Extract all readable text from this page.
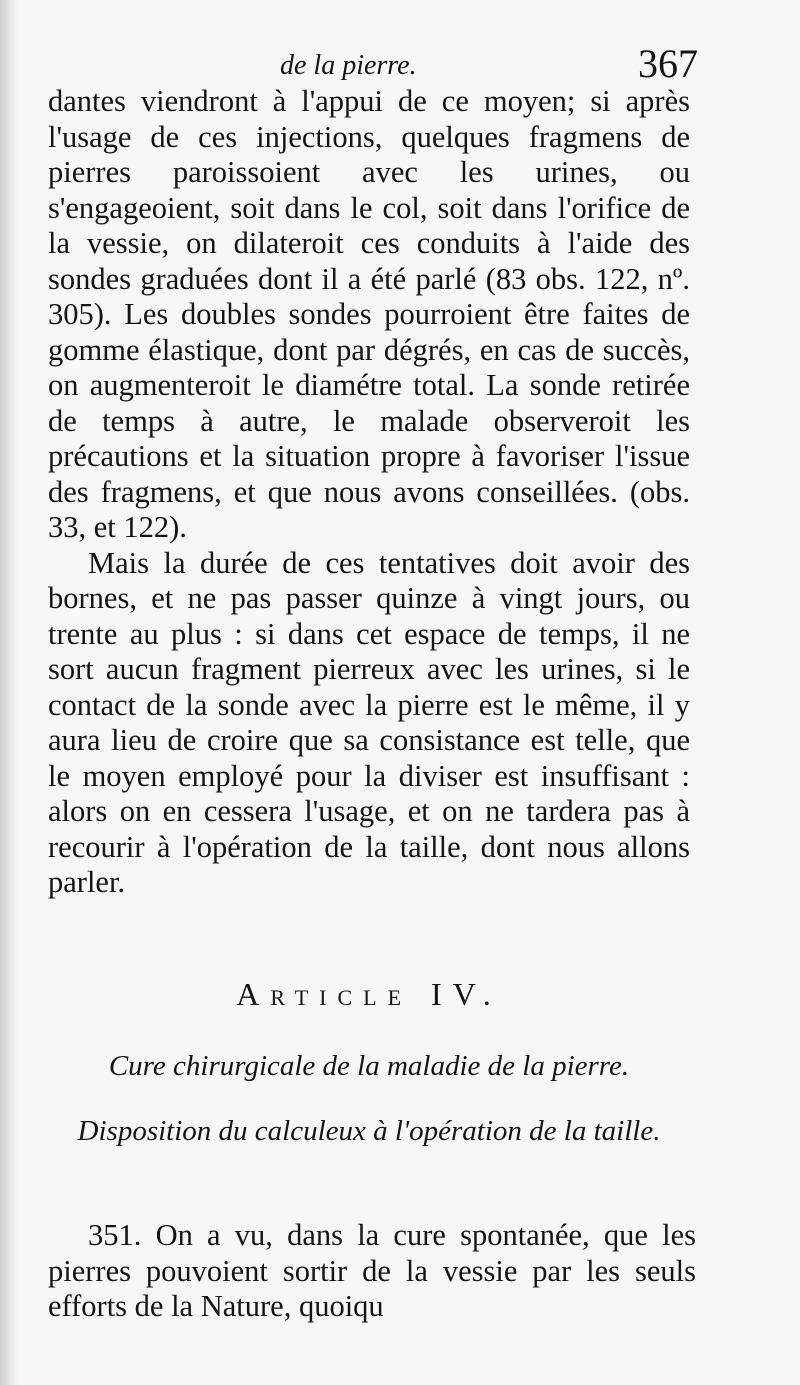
de la pierre.	367

dantes viendront à l'appui de ce moyen; si après l'usage de ces injections, quelques fragmens de pierres paroissoient avec les urines, ou s'engageoient, soit dans le col, soit dans l'orifice de la vessie, on dilateroit ces conduits à l'aide des sondes graduées dont il a été parlé (83 obs. 122, nº. 305). Les doubles sondes pourroient être faites de gomme élastique, dont par dégrés, en cas de succès, on augmenteroit le diamétre total. La sonde retirée de temps à autre, le malade observeroit les précautions et la situation propre à favoriser l'issue des fragmens, et que nous avons conseillées. (obs. 33, et 122).

Mais la durée de ces tentatives doit avoir des bornes, et ne pas passer quinze à vingt jours, ou trente au plus : si dans cet espace de temps, il ne sort aucun fragment pierreux avec les urines, si le contact de la sonde avec la pierre est le même, il y aura lieu de croire que sa consistance est telle, que le moyen employé pour la diviser est insuffisant : alors on en cessera l'usage, et on ne tardera pas à recourir à l'opération de la taille, dont nous allons parler.

Article IV.
Cure chirurgicale de la maladie de la pierre.
Disposition du calculeux à l'opération de la taille.

351. On a vu, dans la cure spontanée, que les pierres pouvoient sortir de la vessie par les seuls efforts de la Nature, quoiqu
